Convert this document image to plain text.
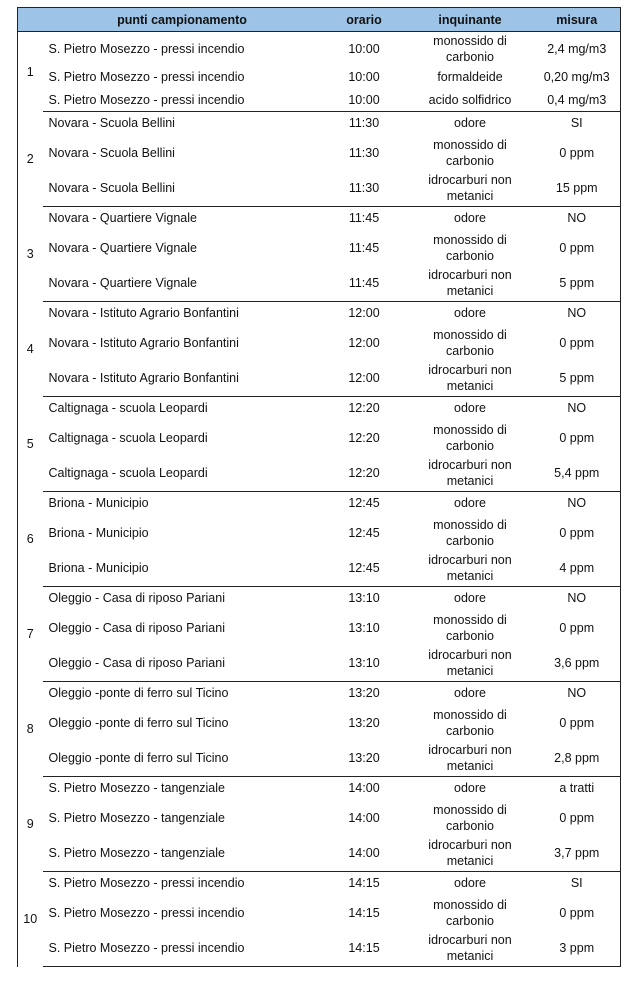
	punti campionamento	orario	inquinante	misura
1	S. Pietro Mosezzo - pressi incendio	10:00	monossido di carbonio	2,4 mg/m3
	S. Pietro Mosezzo - pressi incendio	10:00	formaldeide	0,20 mg/m3
	S. Pietro Mosezzo - pressi incendio	10:00	acido solfidrico	0,4 mg/m3
2	Novara - Scuola Bellini	11:30	odore	SI
	Novara - Scuola Bellini	11:30	monossido di carbonio	0 ppm
	Novara - Scuola Bellini	11:30	idrocarburi non metanici	15 ppm
3	Novara - Quartiere Vignale	11:45	odore	NO
	Novara - Quartiere Vignale	11:45	monossido di carbonio	0 ppm
	Novara - Quartiere Vignale	11:45	idrocarburi non metanici	5 ppm
4	Novara - Istituto Agrario Bonfantini	12:00	odore	NO
	Novara - Istituto Agrario Bonfantini	12:00	monossido di carbonio	0 ppm
	Novara - Istituto Agrario Bonfantini	12:00	idrocarburi non metanici	5 ppm
5	Caltignaga - scuola Leopardi	12:20	odore	NO
	Caltignaga - scuola Leopardi	12:20	monossido di carbonio	0 ppm
	Caltignaga - scuola Leopardi	12:20	idrocarburi non metanici	5,4 ppm
6	Briona - Municipio	12:45	odore	NO
	Briona - Municipio	12:45	monossido di carbonio	0 ppm
	Briona - Municipio	12:45	idrocarburi non metanici	4 ppm
7	Oleggio - Casa di riposo Pariani	13:10	odore	NO
	Oleggio - Casa di riposo Pariani	13:10	monossido di carbonio	0 ppm
	Oleggio - Casa di riposo Pariani	13:10	idrocarburi non metanici	3,6 ppm
8	Oleggio -ponte di ferro sul Ticino	13:20	odore	NO
	Oleggio -ponte di ferro sul Ticino	13:20	monossido di carbonio	0 ppm
	Oleggio -ponte di ferro sul Ticino	13:20	idrocarburi non metanici	2,8 ppm
9	S. Pietro Mosezzo - tangenziale	14:00	odore	a tratti
	S. Pietro Mosezzo - tangenziale	14:00	monossido di carbonio	0 ppm
	S. Pietro Mosezzo - tangenziale	14:00	idrocarburi non metanici	3,7 ppm
10	S. Pietro Mosezzo - pressi incendio	14:15	odore	SI
	S. Pietro Mosezzo - pressi incendio	14:15	monossido di carbonio	0 ppm
	S. Pietro Mosezzo - pressi incendio	14:15	idrocarburi non metanici	3 ppm
